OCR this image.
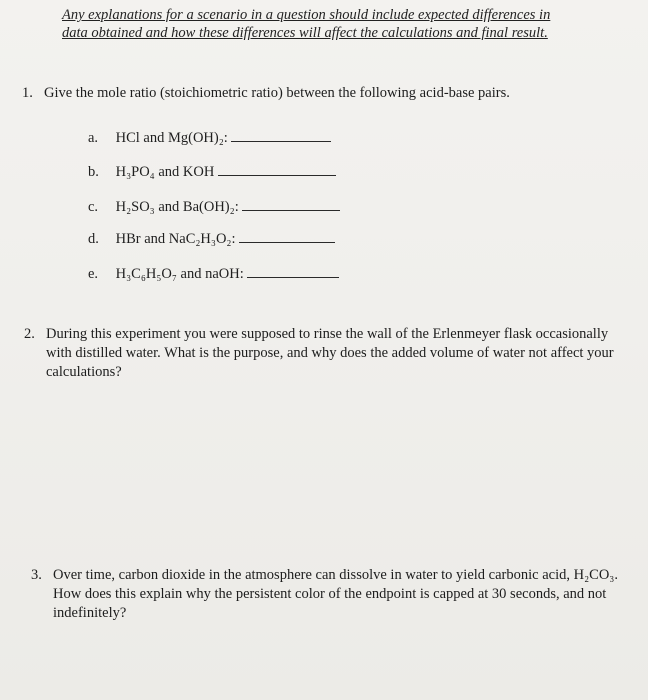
Any explanations for a scenario in a question should include expected differences in data obtained and how these differences will affect the calculations and final result.
1. Give the mole ratio (stoichiometric ratio) between the following acid-base pairs.
a. HCl and Mg(OH)₂:
b. H₃PO₄ and KOH
c. H₂SO₃ and Ba(OH)₂:
d. HBr and NaC₂H₃O₂:
e. H₃C₆H₅O₇ and naOH:
2. During this experiment you were supposed to rinse the wall of the Erlenmeyer flask occasionally with distilled water. What is the purpose, and why does the added volume of water not affect your calculations?
3. Over time, carbon dioxide in the atmosphere can dissolve in water to yield carbonic acid, H₂CO₃. How does this explain why the persistent color of the endpoint is capped at 30 seconds, and not indefinitely?
